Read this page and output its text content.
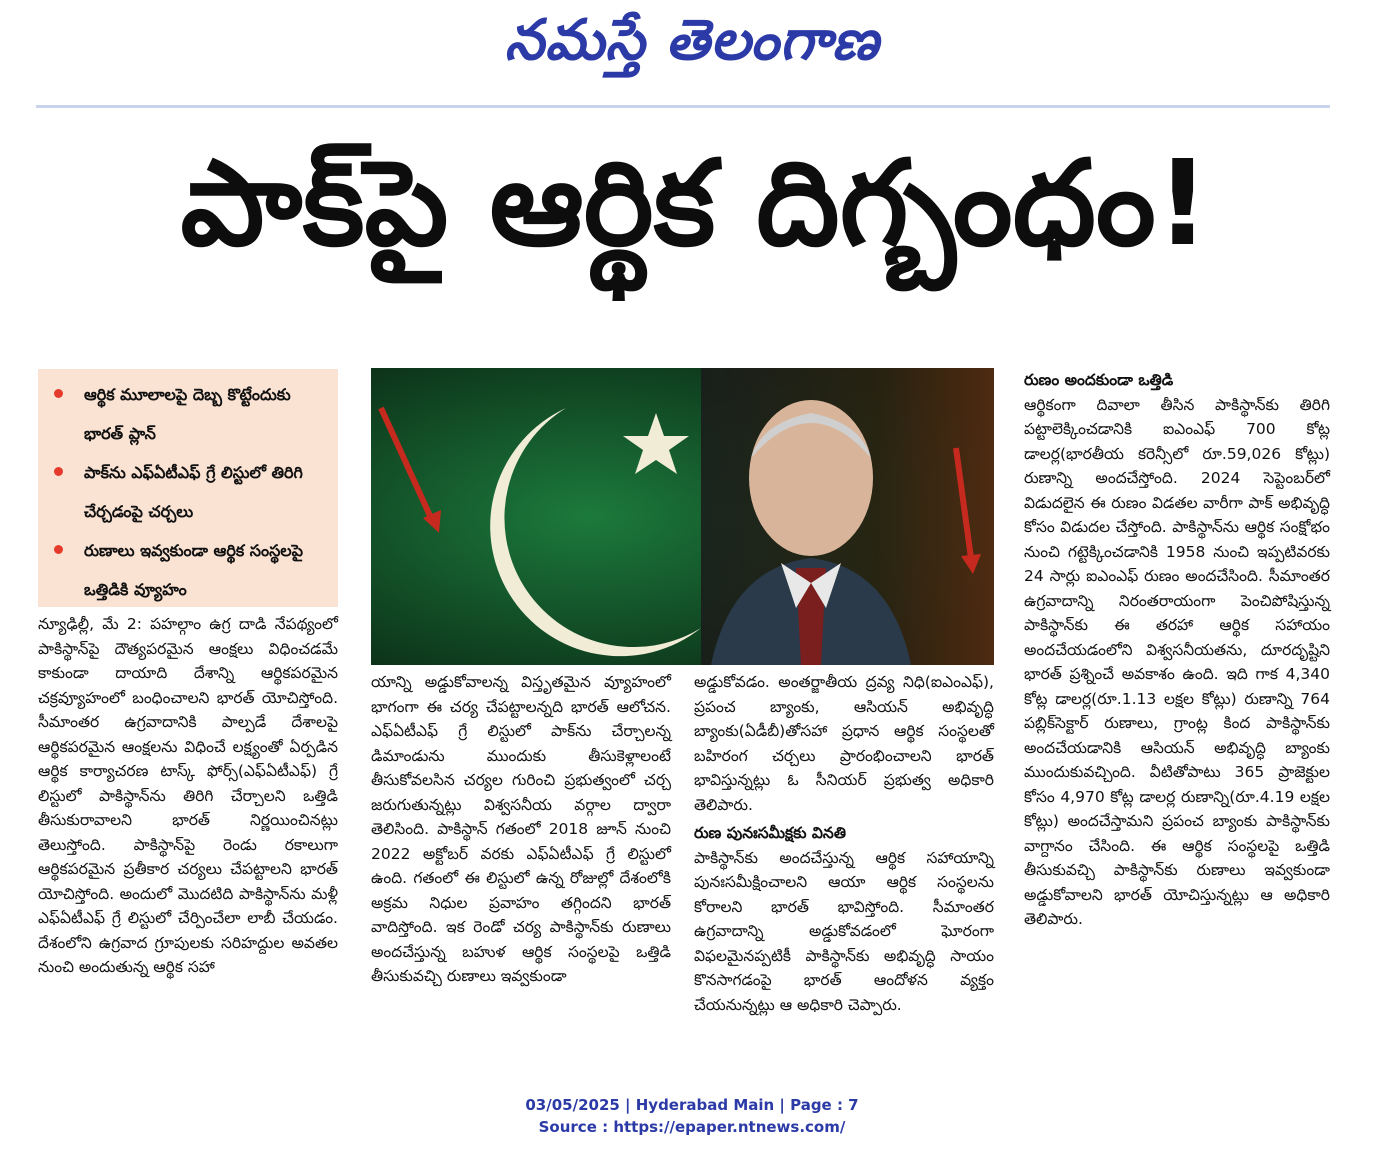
నమస్తే తెలంగాణ
పాక్‌పై ఆర్థిక దిగ్బంధం!
ఆర్థిక మూలాలపై దెబ్బ కొట్టేందుకు భారత్ ప్లాన్
పాక్‌ను ఎఫ్ఏటీఎఫ్ గ్రే లిస్టులో తిరిగి చేర్చడంపై చర్చలు
రుణాలు ఇవ్వకుండా ఆర్థిక సంస్థలపై ఒత్తిడికి వ్యూహం

న్యూఢిల్లీ, మే 2: పహల్గాం ఉగ్ర దాడి నేపథ్యంలో పాకిస్థాన్‌పై దౌత్యపరమైన ఆంక్షలు విధించడమే కాకుండా దాయాది దేశాన్ని ఆర్థికపరమైన చక్రవ్యూహంలో బంధించాలని భారత్ యోచిస్తోంది. సీమాంతర ఉగ్రవాదానికి పాల్పడే దేశాలపై ఆర్థికపరమైన ఆంక్షలను విధించే లక్ష్యంతో ఏర్పడిన ఆర్థిక కార్యాచరణ టాస్క్ ఫోర్స్(ఎఫ్ఏటీఎఫ్) గ్రే లిస్టులో పాకిస్థాన్‌ను తిరిగి చేర్చాలని ఒత్తిడి తీసుకురావాలని భారత్ నిర్ణయించినట్లు తెలుస్తోంది. పాకిస్థాన్‌పై రెండు రకాలుగా ఆర్థికపరమైన ప్రతీకార చర్యలు చేపట్టాలని భారత్ యోచిస్తోంది. అందులో మొదటిది పాకిస్థాన్‌ను మళ్లీ ఎఫ్ఏటీఎఫ్ గ్రే లిస్టులో చేర్పించేలా లాబీ చేయడం. దేశంలోని ఉగ్రవాద గ్రూపులకు సరిహద్దుల అవతల నుంచి అందుతున్న ఆర్థిక సహా

యాన్ని అడ్డుకోవాలన్న విస్తృతమైన వ్యూహంలో భాగంగా ఈ చర్య చేపట్టాలన్నది భారత్ ఆలోచన. ఎఫ్ఏటీఎఫ్ గ్రే లిస్టులో పాక్‌ను చేర్చాలన్న డిమాండును ముందుకు తీసుకెళ్లాలంటే తీసుకోవలసిన చర్యల గురించి ప్రభుత్వంలో చర్చ జరుగుతున్నట్లు విశ్వసనీయ వర్గాల ద్వారా తెలిసింది. పాకిస్థాన్ గతంలో 2018 జూన్ నుంచి 2022 అక్టోబర్ వరకు ఎఫ్ఏటీఎఫ్ గ్రే లిస్టులో ఉంది. గతంలో ఈ లిస్టులో ఉన్న రోజుల్లో దేశంలోకి అక్రమ నిధుల ప్రవాహం తగ్గిందని భారత్ వాదిస్తోంది. ఇక రెండో చర్య పాకిస్థాన్‌కు రుణాలు అందచేస్తున్న బహుళ ఆర్థిక సంస్థలపై ఒత్తిడి తీసుకువచ్చి రుణాలు ఇవ్వకుండా

అడ్డుకోవడం. అంతర్జాతీయ ద్రవ్య నిధి(ఐఎంఎఫ్), ప్రపంచ బ్యాంకు, ఆసియన్ అభివృద్ధి బ్యాంకు(ఏడీబీ)తోసహా ప్రధాన ఆర్థిక సంస్థలతో బహిరంగ చర్చలు ప్రారంభించాలని భారత్ భావిస్తున్నట్లు ఓ సీనియర్ ప్రభుత్వ అధికారి తెలిపారు.

రుణ పునఃసమీక్షకు వినతి

పాకిస్థాన్‌కు అందచేస్తున్న ఆర్థిక సహాయాన్ని పునఃసమీక్షించాలని ఆయా ఆర్థిక సంస్థలను కోరాలని భారత్ భావిస్తోంది. సీమాంతర ఉగ్రవాదాన్ని అడ్డుకోవడంలో ఘోరంగా విఫలమైనప్పటికీ పాకిస్థాన్‌కు అభివృద్ధి సాయం కొనసాగడంపై భారత్ ఆందోళన వ్యక్తం చేయనున్నట్లు ఆ అధికారి చెప్పారు.

రుణం అందకుండా ఒత్తిడి

ఆర్థికంగా దివాలా తీసిన పాకిస్థాన్‌కు తిరిగి పట్టాలెక్కించడానికి ఐఎంఎఫ్ 700 కోట్ల డాలర్ల(భారతీయ కరెన్సీలో రూ.59,026 కోట్లు) రుణాన్ని అందచేస్తోంది. 2024 సెప్టెంబర్‌లో విడుదలైన ఈ రుణం విడతల వారీగా పాక్ అభివృద్ధి కోసం విడుదల చేస్తోంది. పాకిస్థాన్‌ను ఆర్థిక సంక్షోభం నుంచి గట్టెక్కించడానికి 1958 నుంచి ఇప్పటివరకు 24 సార్లు ఐఎంఎఫ్ రుణం అందచేసింది. సీమాంతర ఉగ్రవాదాన్ని నిరంతరాయంగా పెంచిపోషిస్తున్న పాకిస్థాన్‌కు ఈ తరహా ఆర్థిక సహాయం అందచేయడంలోని విశ్వసనీయతను, దూరదృష్టిని భారత్ ప్రశ్నించే అవకాశం ఉంది. ఇది గాక 4,340 కోట్ల డాలర్ల(రూ.1.13 లక్షల కోట్లు) రుణాన్ని 764 పబ్లిక్‌సెక్టార్ రుణాలు, గ్రాంట్ల కింద పాకిస్థాన్‌కు అందచేయడానికి ఆసియన్ అభివృద్ధి బ్యాంకు ముందుకువచ్చింది. వీటితోపాటు 365 ప్రాజెక్టుల కోసం 4,970 కోట్ల డాలర్ల రుణాన్ని(రూ.4.19 లక్షల కోట్లు) అందచేస్తామని ప్రపంచ బ్యాంకు పాకిస్థాన్‌కు వాగ్దానం చేసింది. ఈ ఆర్థిక సంస్థలపై ఒత్తిడి తీసుకువచ్చి పాకిస్థాన్‌కు రుణాలు ఇవ్వకుండా అడ్డుకోవాలని భారత్ యోచిస్తున్నట్లు ఆ అధికారి తెలిపారు.

03/05/2025 | Hyderabad Main | Page : 7
Source : https://epaper.ntnews.com/
